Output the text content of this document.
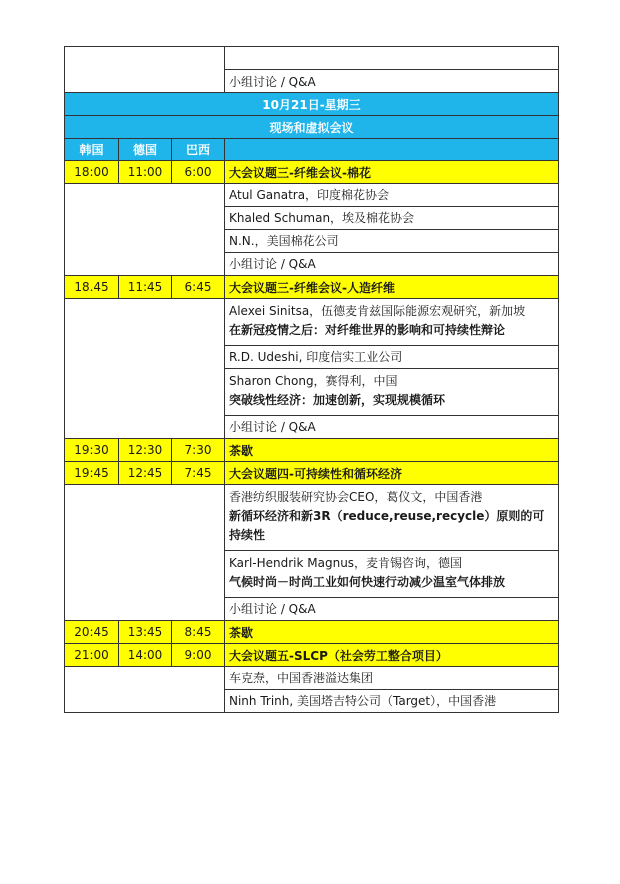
			小组讨论 / Q&A
10月21日-星期三			
现场和虚拟会议			
韩国	德国	巴西	
18:00	11:00	6:00	大会议题三-纤维会议-棉花

			Atul Ganatra，印度棉花协会

			Khaled Schuman，埃及棉花协会

			N.N.，美国棉花公司

			小组讨论 / Q&A

18.45	11:45	6:45	大会议题三-纤维会议-人造纤维

			Alexei Sinitsa，伍德麦肯兹国际能源宏观研究，新加坡
在新冠疫情之后：对纤维世界的影响和可持续性辩论

			R.D. Udeshi, 印度信实工业公司

			Sharon Chong，赛得利，中国
突破线性经济：加速创新，实现规模循环

			小组讨论 / Q&A

19:30	12:30	7:30	茶歇
19:45	12:45	7:45	大会议题四-可持续性和循环经济

			香港纺织服装研究协会CEO，葛仪文，中国香港
新循环经济和新3R（reduce,reuse,recycle）原则的可持续性

			Karl-Hendrik Magnus，麦肯锡咨询，德国
气候时尚－时尚工业如何快速行动减少温室气体排放

			小组讨论 / Q&A

20:45	13:45	8:45	茶歇
21:00	14:00	9:00	大会议题五-SLCP（社会劳工整合项目）

			车克焘，中国香港溢达集团

			Ninh Trinh, 美国塔吉特公司（Target），中国香港
